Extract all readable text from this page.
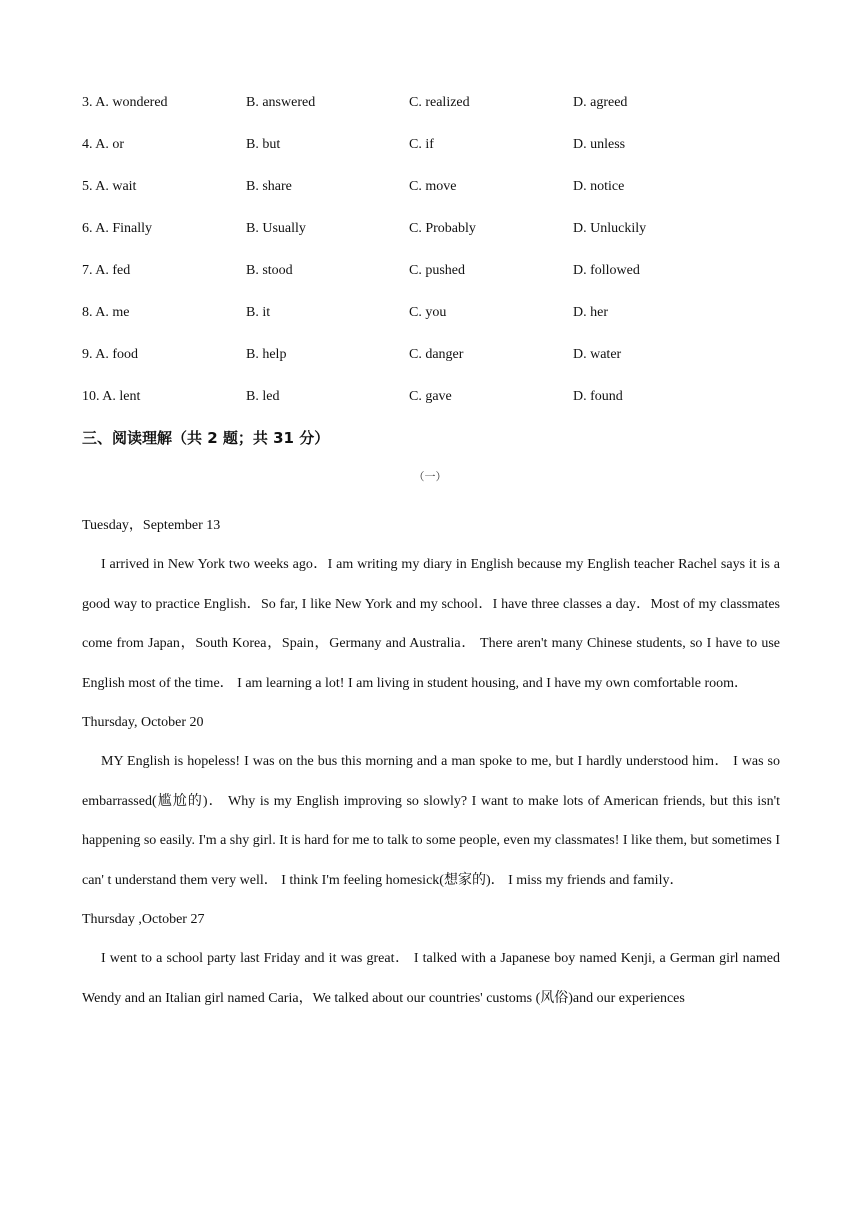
3. A. wondered	B. answered	C. realized	D. agreed
4. A. or	B. but	C. if	D. unless
5. A. wait	B. share	C. move	D. notice
6. A. Finally	B. Usually	C. Probably	D. Unluckily
7. A. fed	B. stood	C. pushed	D. followed
8. A. me	B. it	C. you	D. her
9. A. food	B. help	C. danger	D. water
10. A. lent	B. led	C. gave	D. found
三、阅读理解（共 2 题；共 31 分）
（一）

Tuesday，September 13

I arrived in New York two weeks ago．I am writing my diary in English because my English teacher Rachel says it is a good way to practice English．So far, I like New York and my school．I have three classes a day．Most of my classmates come from Japan，South Korea，Spain，Germany and Australia． There aren't many Chinese students, so I have to use English most of the time． I am learning a lot! I am living in student housing, and I have my own comfortable room．

Thursday, October 20

MY English is hopeless! I was on the bus this morning and a man spoke to me, but I hardly understood him． I was so embarrassed(尴尬的)． Why is my English improving so slowly? I want to make lots of American friends, but this isn't happening so easily. I'm a shy girl. It is hard for me to talk to some people, even my classmates! I like them, but sometimes I can' t understand them very well． I think I'm feeling homesick(想家的)． I miss my friends and family．

Thursday ,October 27

I went to a school party last Friday and it was great． I talked with a Japanese boy named Kenji, a German girl named Wendy and an Italian girl named Caria，We talked about our countries' customs (风俗)and our experiences
